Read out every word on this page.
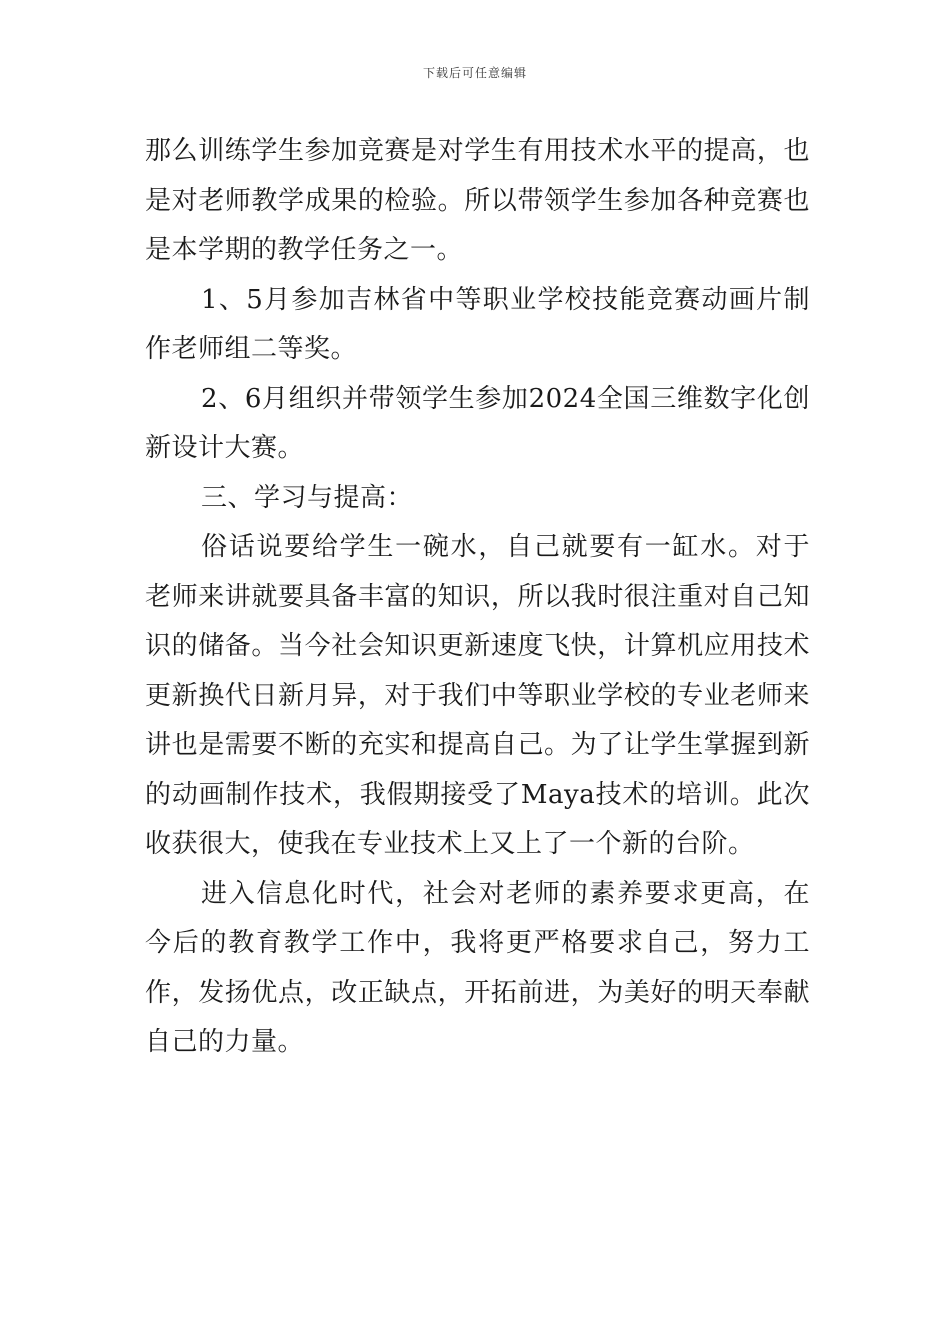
下载后可任意编辑

那么训练学生参加竞赛是对学生有用技术水平的提高，也是对老师教学成果的检验。所以带领学生参加各种竞赛也是本学期的教学任务之一。

1、5月参加吉林省中等职业学校技能竞赛动画片制作老师组二等奖。

2、6月组织并带领学生参加2024全国三维数字化创新设计大赛。

三、学习与提高：

俗话说要给学生一碗水，自己就要有一缸水。对于老师来讲就要具备丰富的知识，所以我时很注重对自己知识的储备。当今社会知识更新速度飞快，计算机应用技术更新换代日新月异，对于我们中等职业学校的专业老师来讲也是需要不断的充实和提高自己。为了让学生掌握到新的动画制作技术，我假期接受了Maya技术的培训。此次收获很大，使我在专业技术上又上了一个新的台阶。

进入信息化时代，社会对老师的素养要求更高，在今后的教育教学工作中，我将更严格要求自己，努力工作，发扬优点，改正缺点，开拓前进，为美好的明天奉献自己的力量。
